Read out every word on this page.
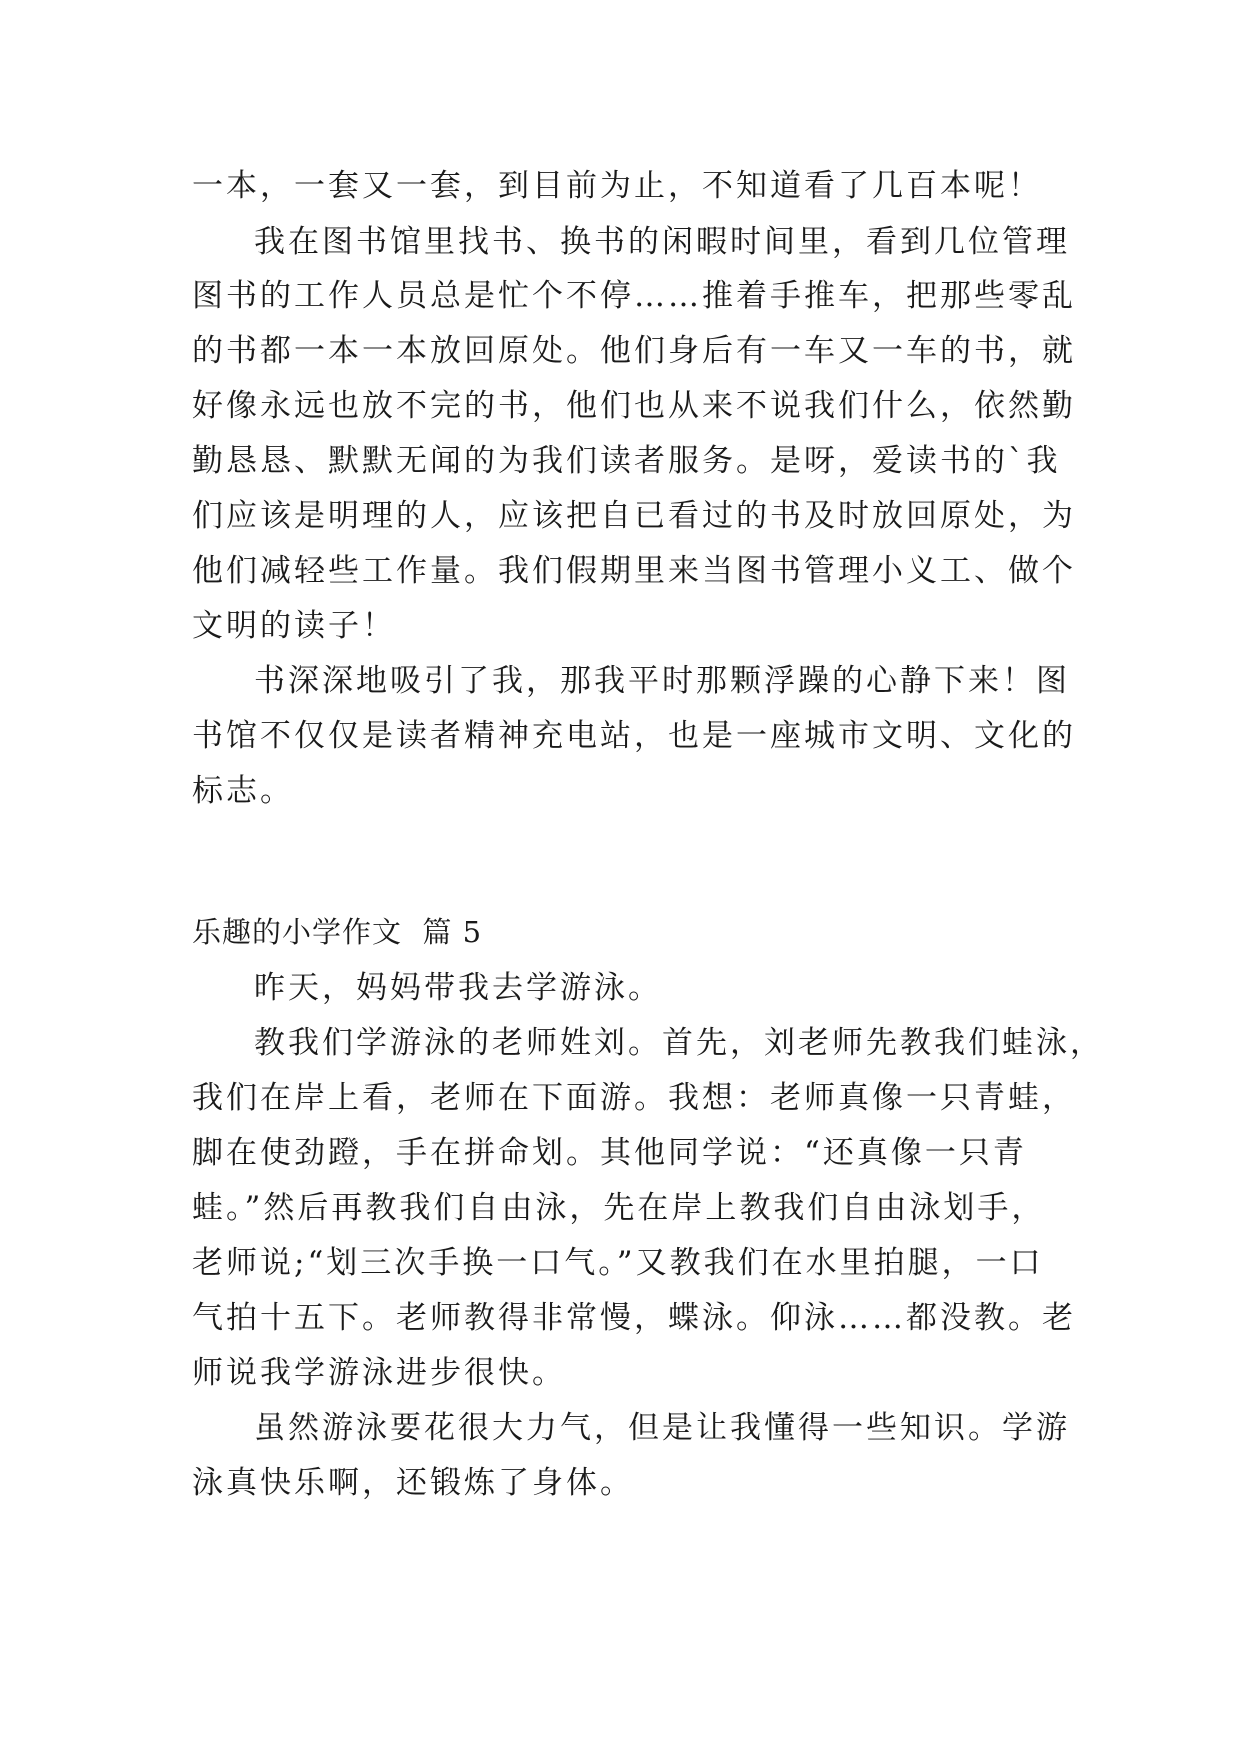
一本，一套又一套，到目前为止，不知道看了几百本呢！
我在图书馆里找书、换书的闲暇时间里，看到几位管理
图书的工作人员总是忙个不停……推着手推车，把那些零乱
的书都一本一本放回原处。他们身后有一车又一车的书，就
好像永远也放不完的书，他们也从来不说我们什么，依然勤
勤恳恳、默默无闻的为我们读者服务。是呀，爱读书的`我
们应该是明理的人，应该把自已看过的书及时放回原处，为
他们减轻些工作量。我们假期里来当图书管理小义工、做个
文明的读子！
书深深地吸引了我，那我平时那颗浮躁的心静下来！图
书馆不仅仅是读者精神充电站，也是一座城市文明、文化的
标志。
乐趣的小学作文  篇 5
昨天，妈妈带我去学游泳。
教我们学游泳的老师姓刘。首先，刘老师先教我们蛙泳，
我们在岸上看，老师在下面游。我想：老师真像一只青蛙，
脚在使劲蹬，手在拼命划。其他同学说：“还真像一只青
蛙。”然后再教我们自由泳，先在岸上教我们自由泳划手，
老师说;“划三次手换一口气。”又教我们在水里拍腿，一口
气拍十五下。老师教得非常慢，蝶泳。仰泳……都没教。老
师说我学游泳进步很快。
虽然游泳要花很大力气，但是让我懂得一些知识。学游
泳真快乐啊，还锻炼了身体。
